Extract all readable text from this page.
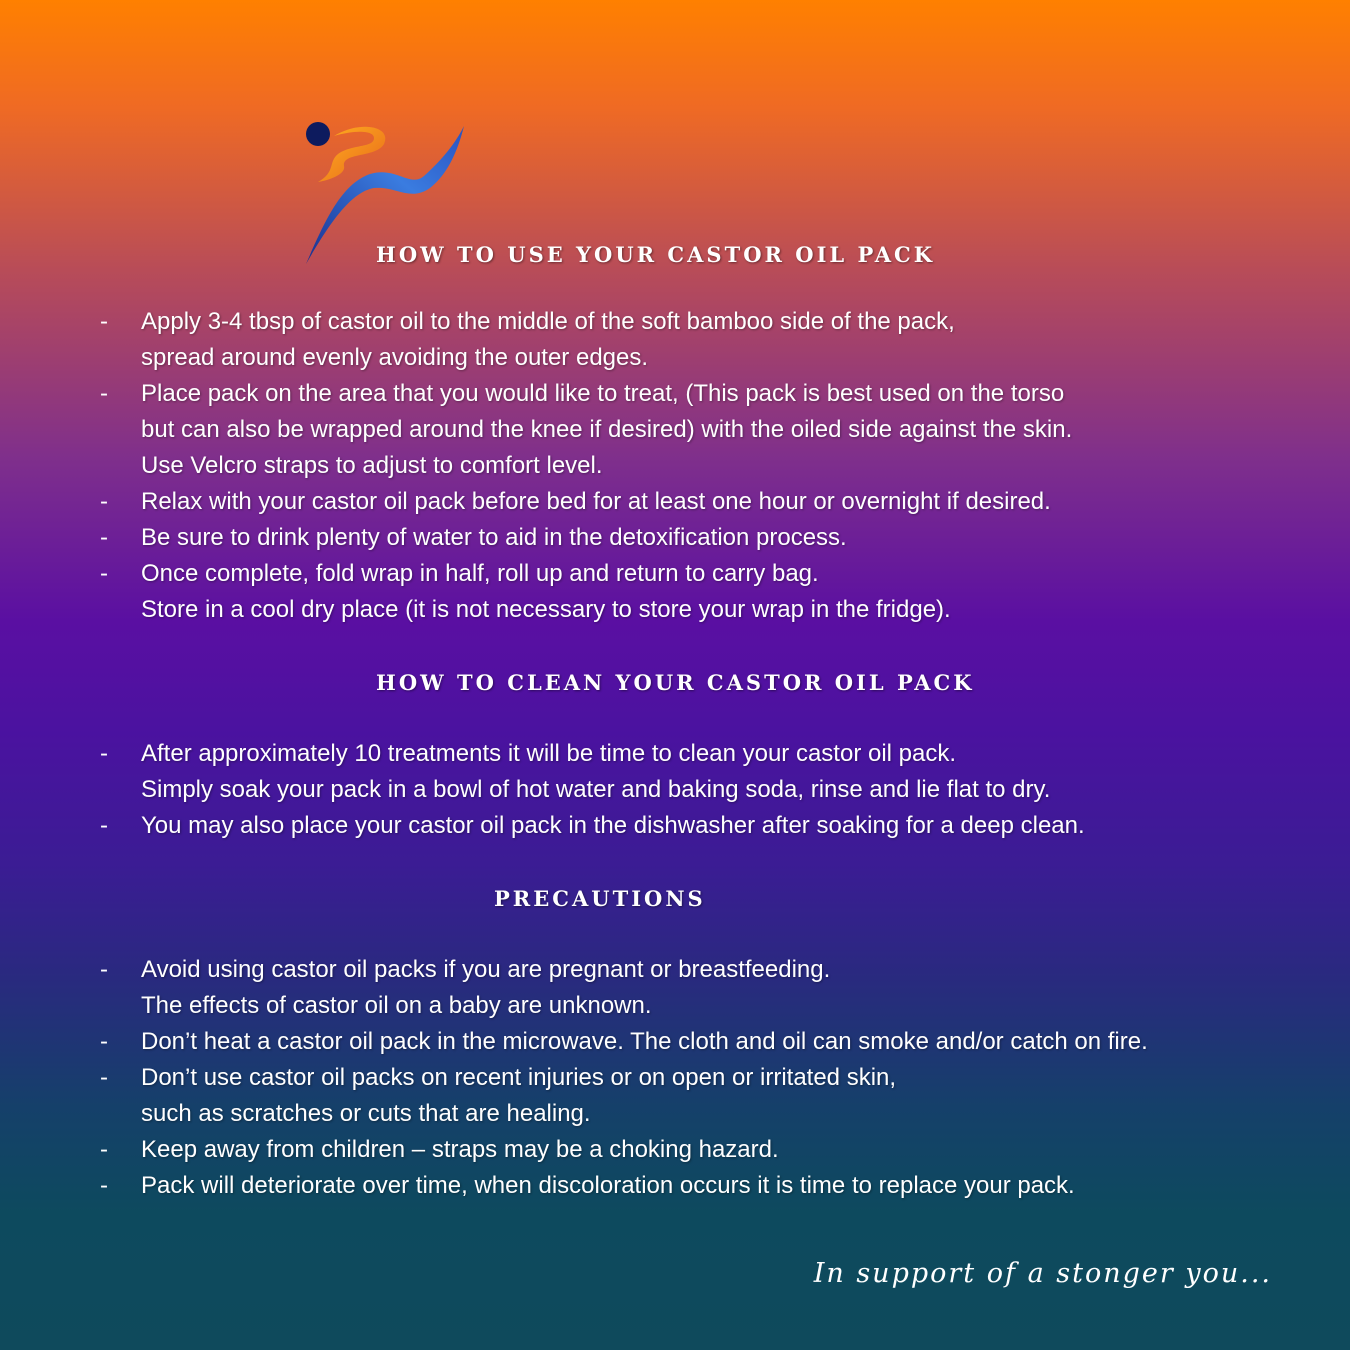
HOW TO USE YOUR CASTOR OIL PACK
- Apply 3-4 tbsp of castor oil to the middle of the soft bamboo side of the pack,
spread around evenly avoiding the outer edges.
- Place pack on the area that you would like to treat, (This pack is best used on the torso
but can also be wrapped around the knee if desired) with the oiled side against the skin.
Use Velcro straps to adjust to comfort level.
- Relax with your castor oil pack before bed for at least one hour or overnight if desired.
- Be sure to drink plenty of water to aid in the detoxification process.
- Once complete, fold wrap in half, roll up and return to carry bag.
Store in a cool dry place (it is not necessary to store your wrap in the fridge).
HOW TO CLEAN YOUR CASTOR OIL PACK
- After approximately 10 treatments it will be time to clean your castor oil pack.
Simply soak your pack in a bowl of hot water and baking soda, rinse and lie flat to dry.
- You may also place your castor oil pack in the dishwasher after soaking for a deep clean.
PRECAUTIONS
- Avoid using castor oil packs if you are pregnant or breastfeeding.
The effects of castor oil on a baby are unknown.
- Don’t heat a castor oil pack in the microwave. The cloth and oil can smoke and/or catch on fire.
- Don’t use castor oil packs on recent injuries or on open or irritated skin,
such as scratches or cuts that are healing.
- Keep away from children – straps may be a choking hazard.
- Pack will deteriorate over time, when discoloration occurs it is time to replace your pack.
In support of a stonger you...
